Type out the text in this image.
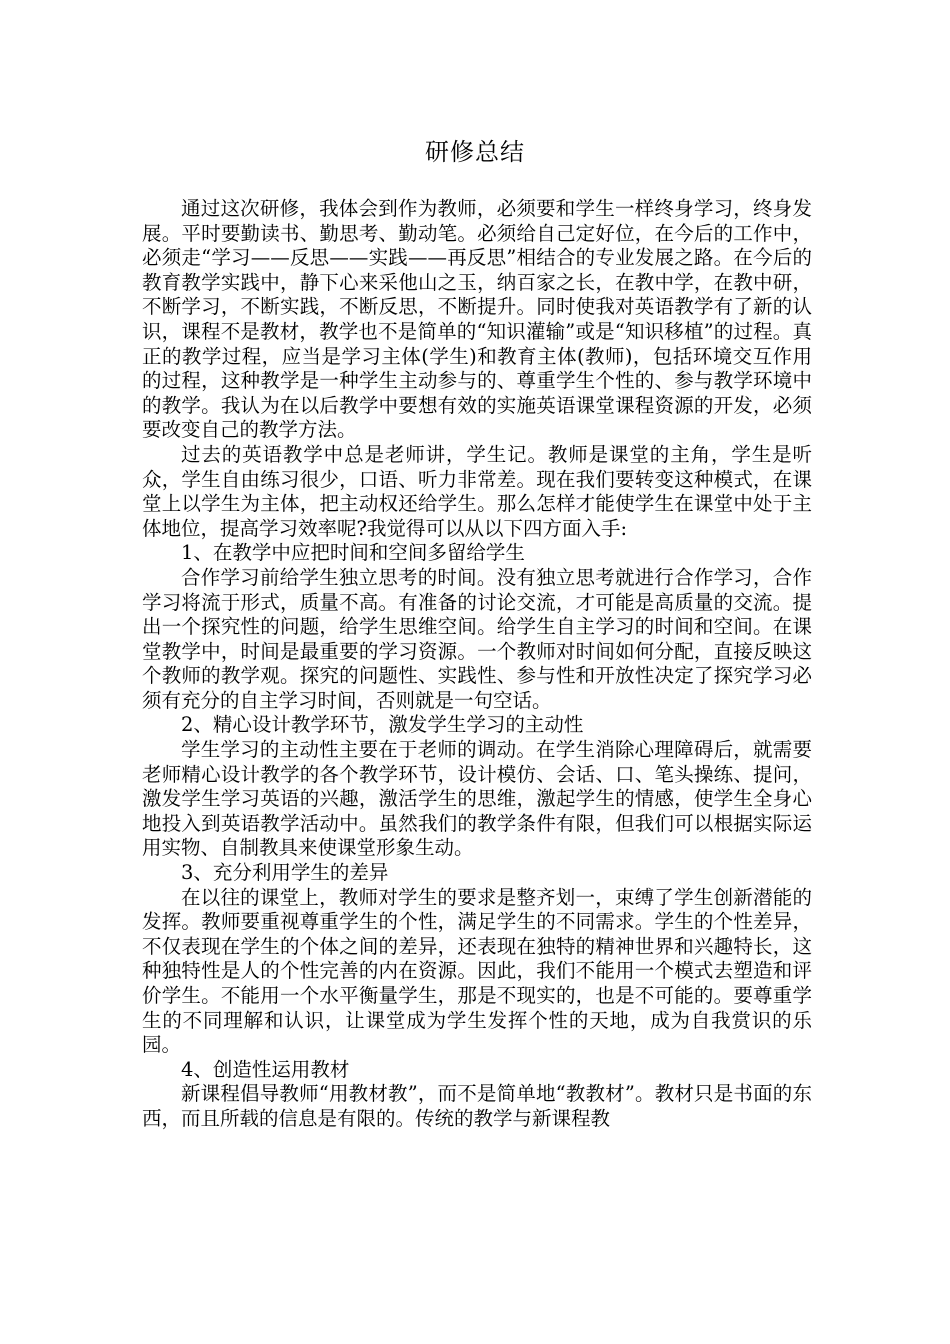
研修总结

通过这次研修，我体会到作为教师，必须要和学生一样终身学习，终身发展。平时要勤读书、勤思考、勤动笔。必须给自己定好位，在今后的工作中，必须走“学习——反思——实践——再反思”相结合的专业发展之路。在今后的教育教学实践中，静下心来采他山之玉，纳百家之长，在教中学，在教中研，不断学习，不断实践，不断反思，不断提升。同时使我对英语教学有了新的认识，课程不是教材，教学也不是简单的“知识灌输”或是“知识移植”的过程。真正的教学过程，应当是学习主体(学生)和教育主体(教师)，包括环境交互作用的过程，这种教学是一种学生主动参与的、尊重学生个性的、参与教学环境中的教学。我认为在以后教学中要想有效的实施英语课堂课程资源的开发，必须要改变自己的教学方法。

过去的英语教学中总是老师讲，学生记。教师是课堂的主角，学生是听众，学生自由练习很少，口语、听力非常差。现在我们要转变这种模式，在课堂上以学生为主体，把主动权还给学生。那么怎样才能使学生在课堂中处于主体地位，提高学习效率呢?我觉得可以从以下四方面入手:

1、在教学中应把时间和空间多留给学生

合作学习前给学生独立思考的时间。没有独立思考就进行合作学习，合作学习将流于形式，质量不高。有准备的讨论交流，才可能是高质量的交流。提出一个探究性的问题，给学生思维空间。给学生自主学习的时间和空间。在课堂教学中，时间是最重要的学习资源。一个教师对时间如何分配，直接反映这个教师的教学观。探究的问题性、实践性、参与性和开放性决定了探究学习必须有充分的自主学习时间，否则就是一句空话。

2、精心设计教学环节，激发学生学习的主动性

学生学习的主动性主要在于老师的调动。在学生消除心理障碍后，就需要老师精心设计教学的各个教学环节，设计模仿、会话、口、笔头操练、提问，激发学生学习英语的兴趣，激活学生的思维，激起学生的情感，使学生全身心地投入到英语教学活动中。虽然我们的教学条件有限，但我们可以根据实际运用实物、自制教具来使课堂形象生动。

3、充分利用学生的差异

在以往的课堂上，教师对学生的要求是整齐划一，束缚了学生创新潜能的发挥。教师要重视尊重学生的个性，满足学生的不同需求。学生的个性差异，不仅表现在学生的个体之间的差异，还表现在独特的精神世界和兴趣特长，这种独特性是人的个性完善的内在资源。因此，我们不能用一个模式去塑造和评价学生。不能用一个水平衡量学生，那是不现实的，也是不可能的。要尊重学生的不同理解和认识，让课堂成为学生发挥个性的天地，成为自我赏识的乐园。

4、创造性运用教材

新课程倡导教师“用教材教”，而不是简单地“教教材”。教材只是书面的东西，而且所载的信息是有限的。传统的教学与新课程教
